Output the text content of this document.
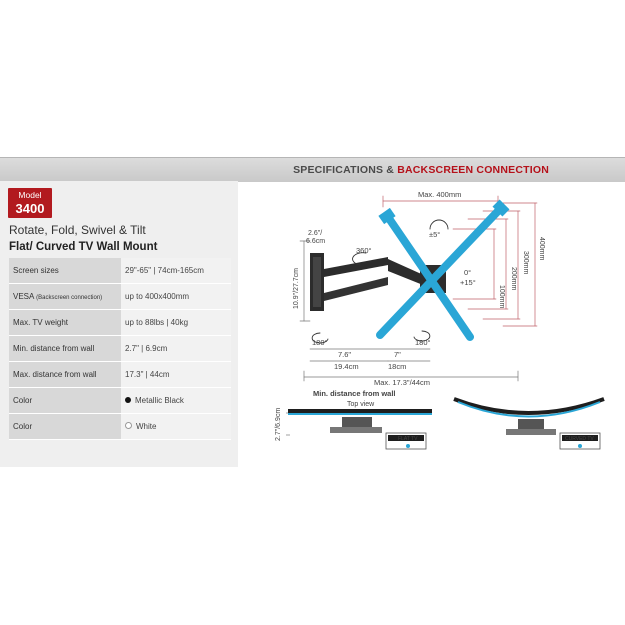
SPECIFICATIONS & BACKSCREEN CONNECTION
Model
3400
Rotate, Fold, Swivel & Tilt
Flat/ Curved TV Wall Mount
Screen sizes	29"-65" | 74cm-165cm
VESA (Backscreen connection)	up to 400x400mm
Max. TV weight	up to 88lbs | 40kg
Min. distance from wall	2.7" | 6.9cm
Max. distance from wall	17.3" | 44cm
Color	Metallic Black
Color	White
Max. 400mm
2.6"/
6.6cm
±5°
360°
0°
+15°
10.9"/27.7cm	100mm
200mm
300mm
400mm
180°	180°
7.6"	7"
19.4cm	18cm
Max. 17.3"/44cm
Min. distance from wall
Top view
2.7"/6.9cm	FLAT TV	CURVED TV
